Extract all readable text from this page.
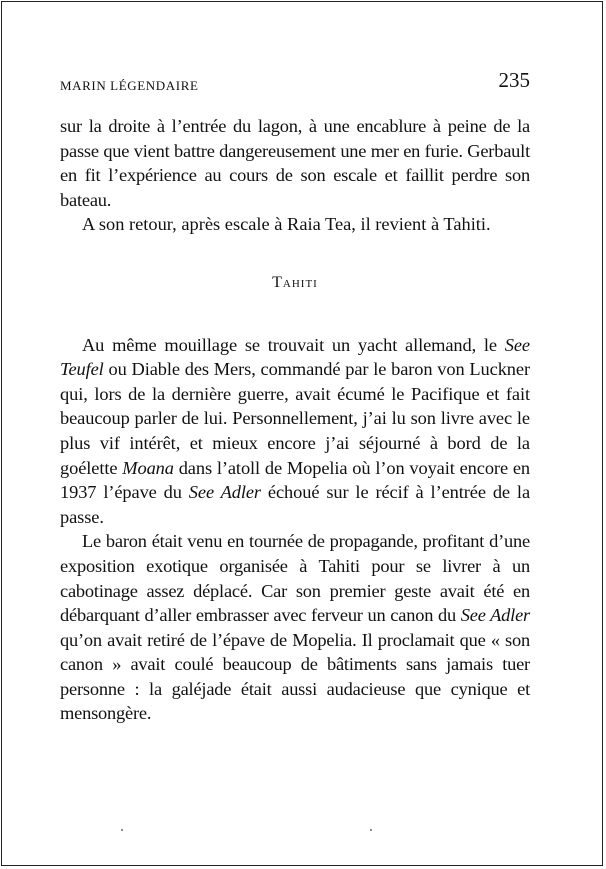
MARIN LÉGENDAIRE	235

sur la droite à l’entrée du lagon, à une encablure à peine de la passe que vient battre dangereusement une mer en furie. Gerbault en fit l’expérience au cours de son escale et faillit perdre son bateau.

A son retour, après escale à Raia Tea, il revient à Tahiti.

Tahiti

Au même mouillage se trouvait un yacht allemand, le See Teufel ou Diable des Mers, commandé par le baron von Luckner qui, lors de la dernière guerre, avait écumé le Pacifique et fait beaucoup parler de lui. Personnellement, j’ai lu son livre avec le plus vif intérêt, et mieux encore j’ai séjourné à bord de la goélette Moana dans l’atoll de Mopelia où l’on voyait encore en 1937 l’épave du See Adler échoué sur le récif à l’entrée de la passe.

Le baron était venu en tournée de propagande, profitant d’une exposition exotique organisée à Tahiti pour se livrer à un cabotinage assez déplacé. Car son premier geste avait été en débarquant d’aller embrasser avec ferveur un canon du See Adler qu’on avait retiré de l’épave de Mopelia. Il proclamait que « son canon » avait coulé beaucoup de bâtiments sans jamais tuer personne : la galéjade était aussi audacieuse que cynique et mensongère.
